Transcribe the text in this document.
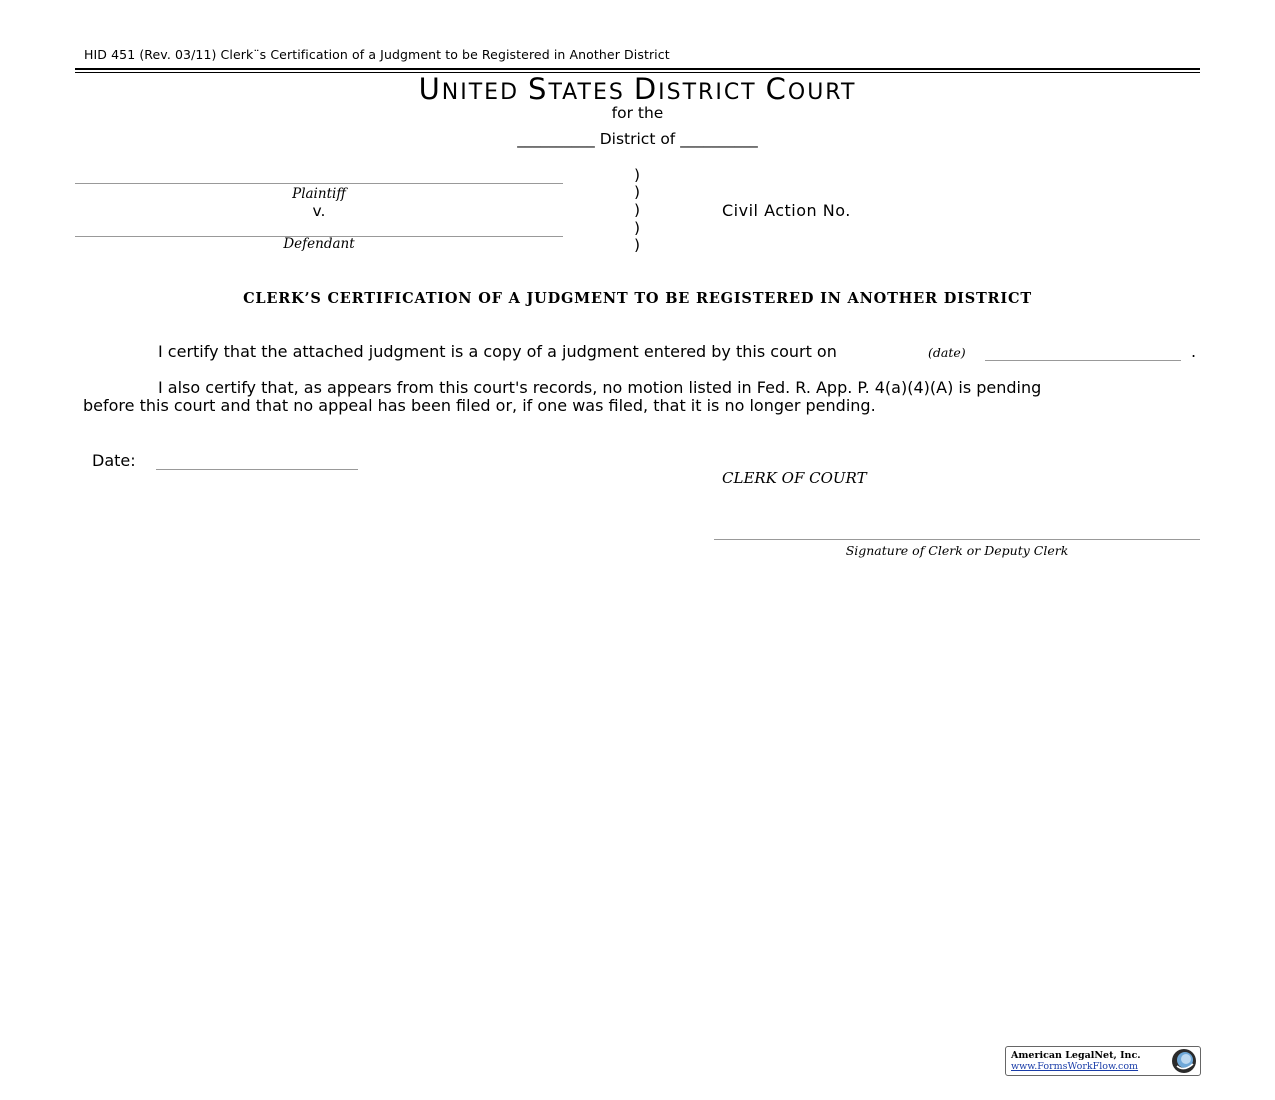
HID 451 (Rev. 03/11) Clerk¨s Certification of a Judgment to be Registered in Another District
UNITED STATES DISTRICT COURT
for the
__________ District of __________
Plaintiff
v.
Defendant
)
)
)
)
)
Civil Action No.
CLERK’S CERTIFICATION OF A JUDGMENT TO BE REGISTERED IN ANOTHER DISTRICT
I certify that the attached judgment is a copy of a judgment entered by this court on	(date)	.
I also certify that, as appears from this court's records, no motion listed in Fed. R. App. P. 4(a)(4)(A) is pending
before this court and that no appeal has been filed or, if one was filed, that it is no longer pending.
Date:
CLERK OF COURT
Signature of Clerk or Deputy Clerk
American LegalNet, Inc.
www.FormsWorkFlow.com
